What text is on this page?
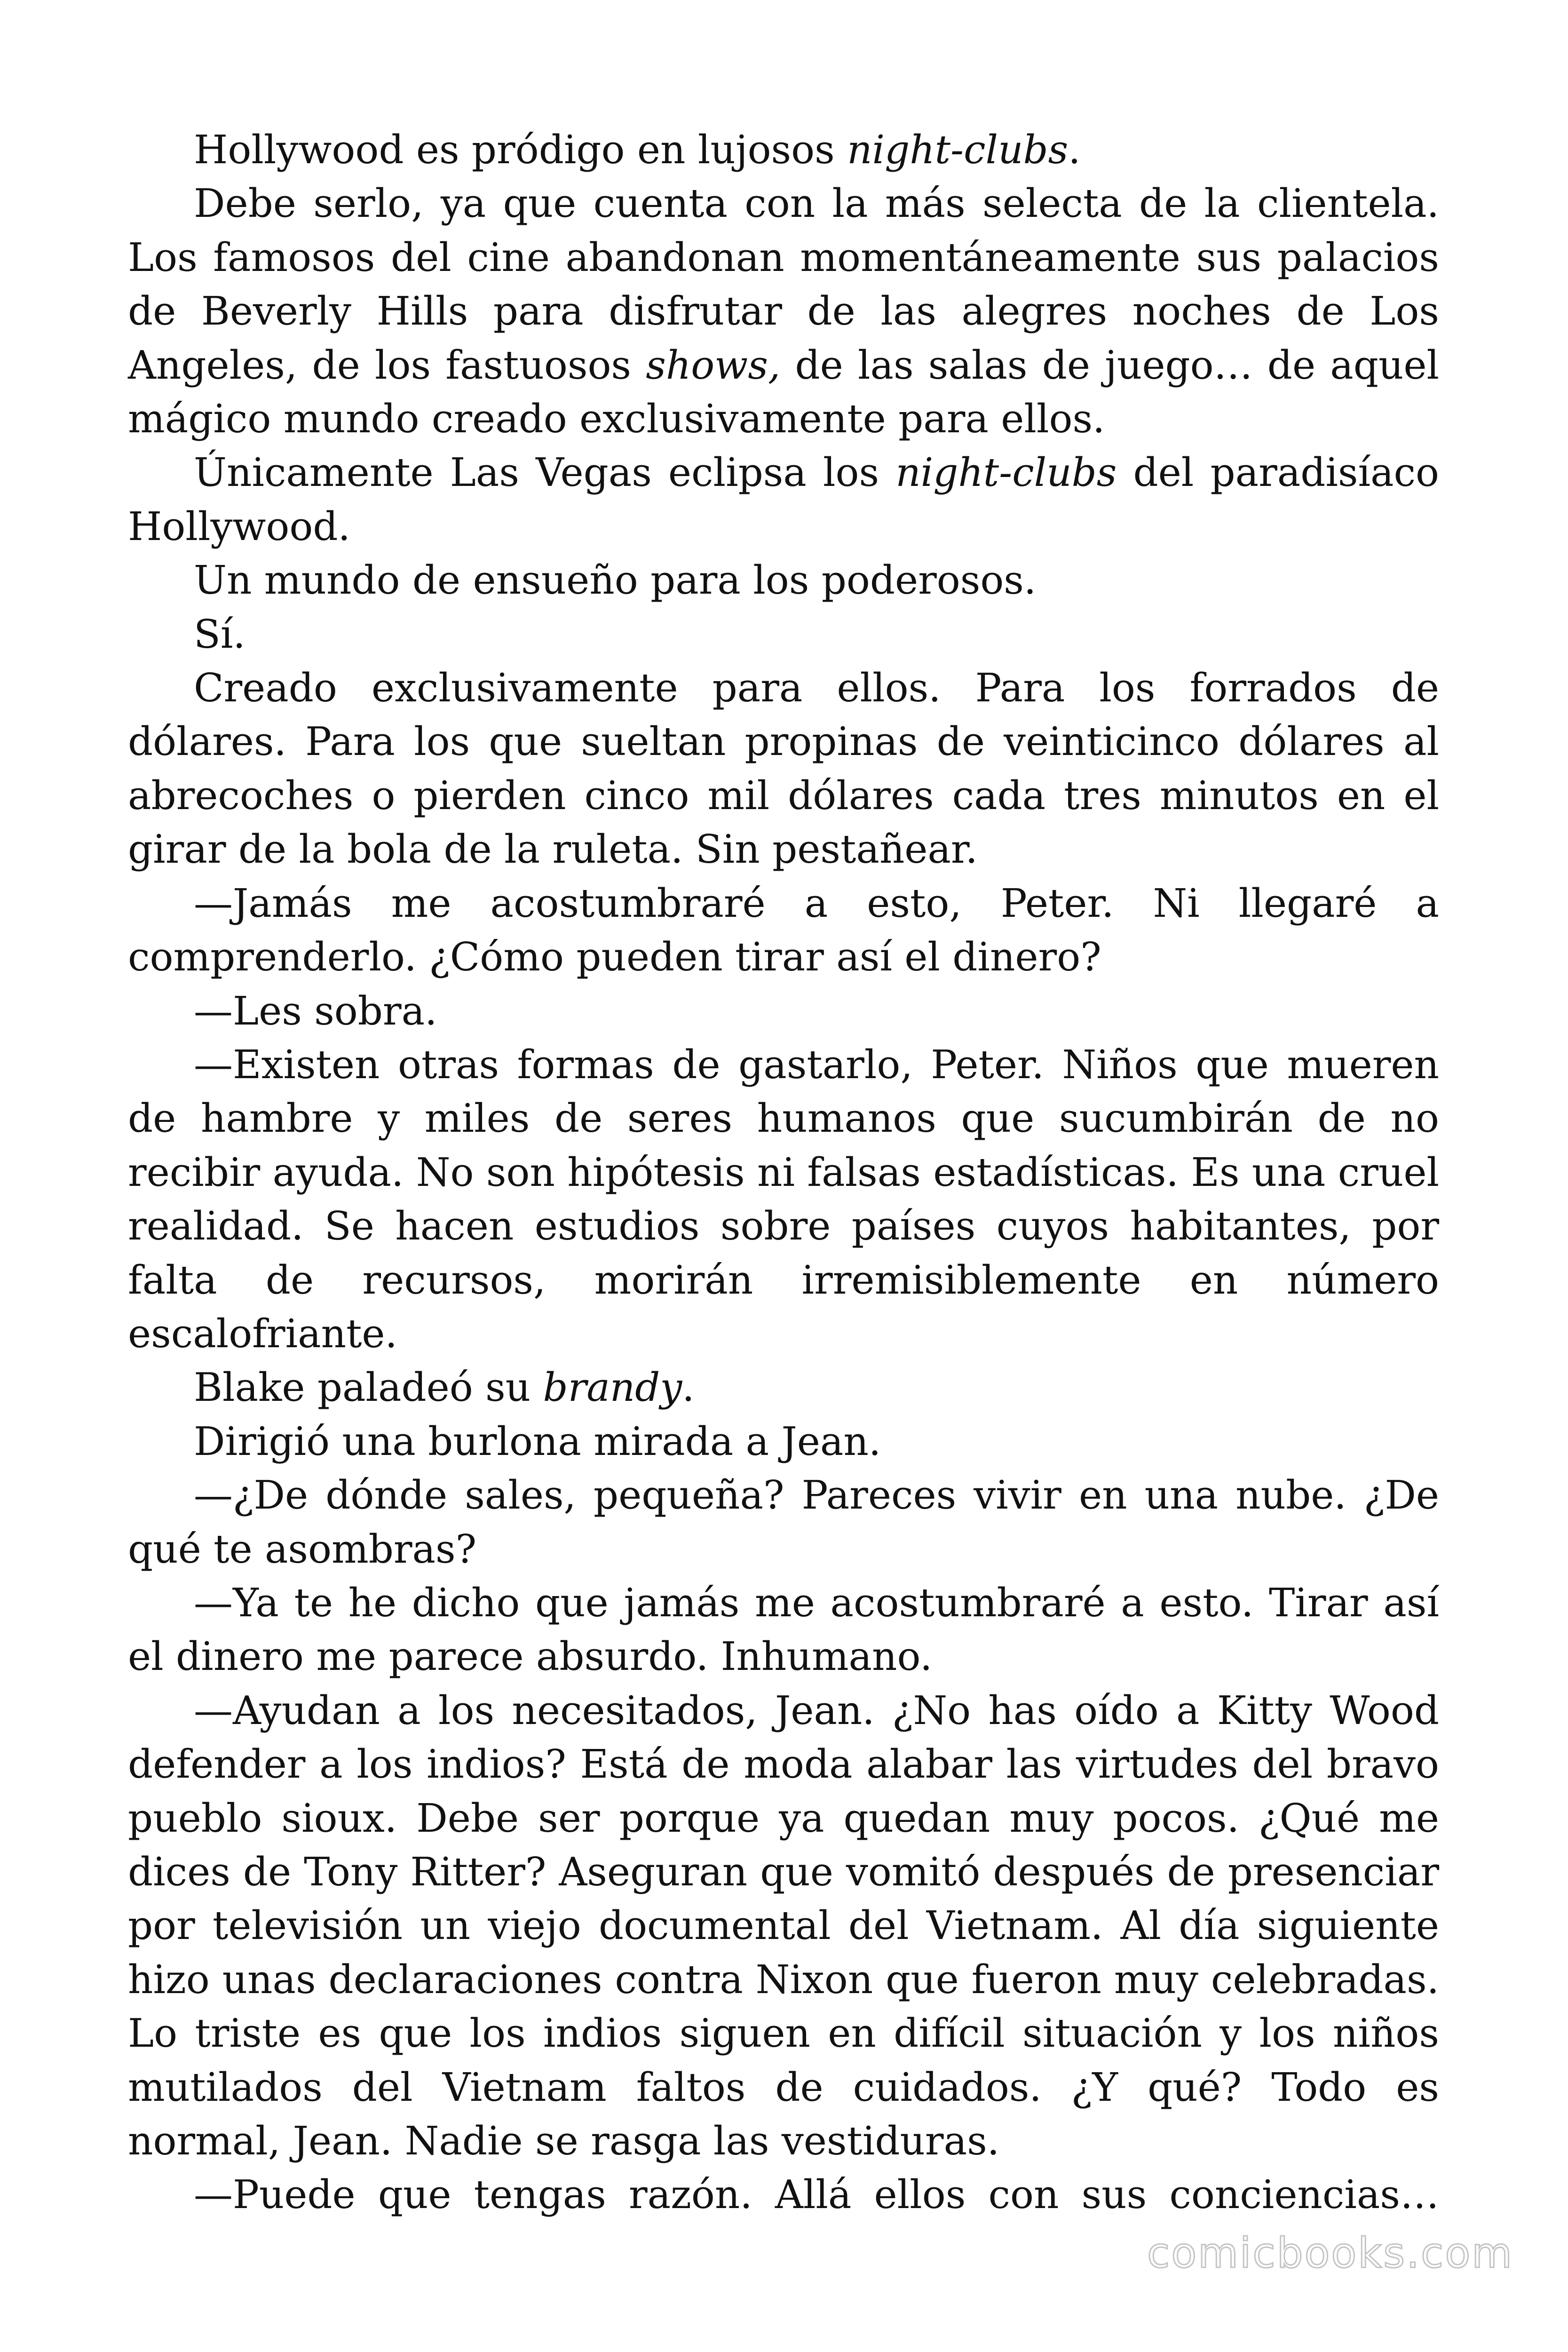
Hollywood es pródigo en lujosos night-clubs.

Debe serlo, ya que cuenta con la más selecta de la clientela. Los famosos del cine abandonan momentáneamente sus palacios de Beverly Hills para disfrutar de las alegres noches de Los Angeles, de los fastuosos shows, de las salas de juego… de aquel mágico mundo creado exclusivamente para ellos.

Únicamente Las Vegas eclipsa los night-clubs del paradisíaco Hollywood.

Un mundo de ensueño para los poderosos.

Sí.

Creado exclusivamente para ellos. Para los forrados de dólares. Para los que sueltan propinas de veinticinco dólares al abrecoches o pierden cinco mil dólares cada tres minutos en el girar de la bola de la ruleta. Sin pestañear.

—Jamás me acostumbraré a esto, Peter. Ni llegaré a comprenderlo. ¿Cómo pueden tirar así el dinero?

—Les sobra.

—Existen otras formas de gastarlo, Peter. Niños que mueren de hambre y miles de seres humanos que sucumbirán de no recibir ayuda. No son hipótesis ni falsas estadísticas. Es una cruel realidad. Se hacen estudios sobre países cuyos habitantes, por falta de recursos, morirán irremisiblemente en número escalofriante.

Blake paladeó su brandy.

Dirigió una burlona mirada a Jean.

—¿De dónde sales, pequeña? Pareces vivir en una nube. ¿De qué te asombras?

—Ya te he dicho que jamás me acostumbraré a esto. Tirar así el dinero me parece absurdo. Inhumano.

—Ayudan a los necesitados, Jean. ¿No has oído a Kitty Wood defender a los indios? Está de moda alabar las virtudes del bravo pueblo sioux. Debe ser porque ya quedan muy pocos. ¿Qué me dices de Tony Ritter? Aseguran que vomitó después de presenciar por televisión un viejo documental del Vietnam. Al día siguiente hizo unas declaraciones contra Nixon que fueron muy celebradas. Lo triste es que los indios siguen en difícil situación y los niños mutilados del Vietnam faltos de cuidados. ¿Y qué? Todo es normal, Jean. Nadie se rasga las vestiduras.

—Puede que tengas razón. Allá ellos con sus conciencias…

comicbooks.com
